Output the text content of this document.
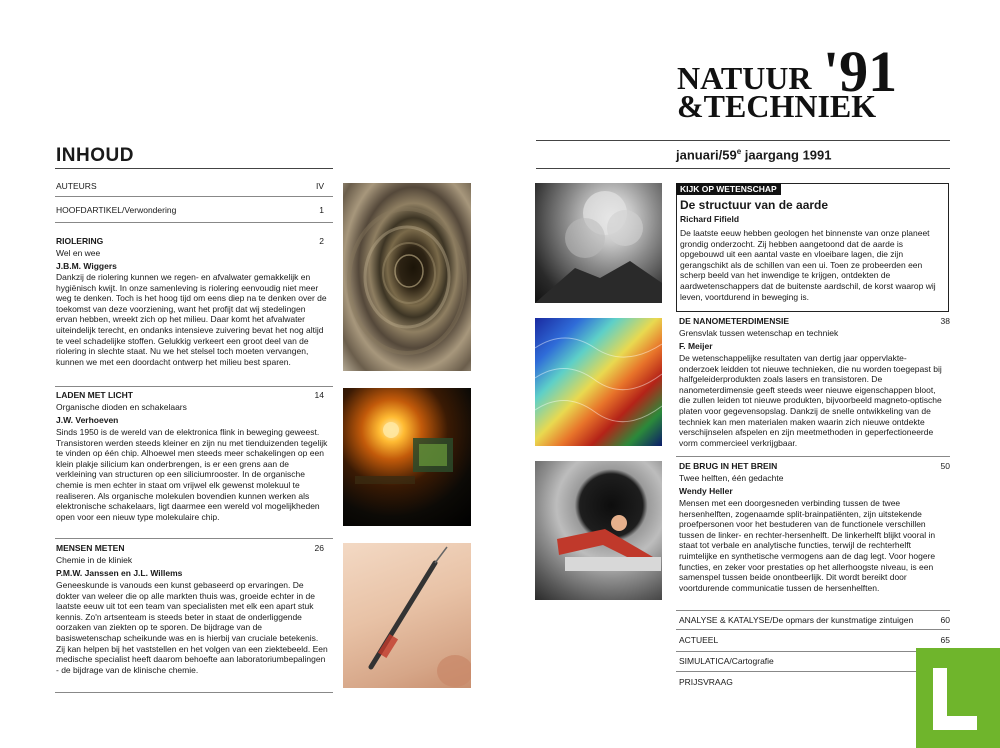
INHOUD
AUTEURS	IV
HOOFDARTIKEL/Verwondering	1
RIOLERING	2
Wel en wee
J.B.M. Wiggers
Dankzij de riolering kunnen we regen- en afvalwater gemakkelijk en hygiënisch kwijt. In onze samenleving is riolering eenvoudig niet meer weg te denken. Toch is het hoog tijd om eens diep na te denken over de toekomst van deze voorziening, want het profijt dat wij stedelingen ervan hebben, wreekt zich op het milieu. Daar komt het afvalwater uiteindelijk terecht, en ondanks intensieve zuivering bevat het nog altijd te veel schadelijke stoffen. Gelukkig verkeert een groot deel van de riolering in slechte staat. Nu we het stelsel toch moeten vervangen, kunnen we met een doordacht ontwerp het milieu best sparen.
LADEN MET LICHT	14
Organische dioden en schakelaars
J.W. Verhoeven
Sinds 1950 is de wereld van de elektronica flink in beweging geweest. Transistoren werden steeds kleiner en zijn nu met tienduizenden tegelijk te vinden op één chip. Alhoewel men steeds meer schakelingen op een klein plakje silicium kan onderbrengen, is er een grens aan de verkleining van structuren op een siliciumrooster. In de organische chemie is men echter in staat om vrijwel elk gewenst molekuul te realiseren. Als organische molekulen bovendien kunnen werken als elektronische schakelaars, ligt daarmee een wereld vol mogelijkheden open voor een nieuw type molekulaire chip.
MENSEN METEN	26
Chemie in de kliniek
P.M.W. Janssen en J.L. Willems
Geneeskunde is vanouds een kunst gebaseerd op ervaringen. De dokter van weleer die op alle markten thuis was, groeide echter in de laatste eeuw uit tot een team van specialisten met elk een apart stuk kennis. Zo'n artsenteam is steeds beter in staat de onderliggende oorzaken van ziekten op te sporen. De bijdrage van de basiswetenschap scheikunde was en is hierbij van cruciale betekenis. Zij kan helpen bij het vaststellen en het volgen van een ziektebeeld. Een medische specialist heeft daarom behoefte aan laboratoriumbepalingen - de bijdrage van de klinische chemie.
NATUUR '91
&TECHNIEK
januari/59e jaargang 1991
KIJK OP WETENSCHAP
De structuur van de aarde
Richard Fifield
De laatste eeuw hebben geologen het binnenste van onze planeet grondig onderzocht. Zij hebben aangetoond dat de aarde is opgebouwd uit een aantal vaste en vloeibare lagen, die zijn gerangschikt als de schillen van een ui. Toen ze probeerden een scherp beeld van het inwendige te krijgen, ontdekten de aardwetenschappers dat de buitenste aardschil, de korst waarop wij leven, voortdurend in beweging is.
DE NANOMETERDIMENSIE	38
Grensvlak tussen wetenschap en techniek
F. Meijer
De wetenschappelijke resultaten van dertig jaar oppervlakte-onderzoek leidden tot nieuwe technieken, die nu worden toegepast bij halfgeleiderprodukten zoals lasers en transistoren. De nanometerdimensie geeft steeds weer nieuwe eigenschappen bloot, die zullen leiden tot nieuwe produkten, bijvoorbeeld magneto-optische platen voor gegevensopslag. Dankzij de snelle ontwikkeling van de techniek kan men materialen maken waarin zich nieuwe ontdekte verschijnselen afspelen en zijn meetmethoden in geperfectioneerde vorm commercieel verkrijgbaar.
DE BRUG IN HET BREIN	50
Twee helften, één gedachte
Wendy Heller
Mensen met een doorgesneden verbinding tussen de twee hersenhelften, zogenaamde split-brainpatiënten, zijn uitstekende proefpersonen voor het bestuderen van de functionele verschillen tussen de linker- en rechter-hersenhelft. De linkerhelft blijkt vooral in staat tot verbale en analytische functies, terwijl de rechterhelft ruimtelijke en synthetische vermogens aan de dag legt. Voor hogere functies, en zeker voor prestaties op het allerhoogste niveau, is een samenspel tussen beide onontbeerlijk. Dit wordt bereikt door voortdurende communicatie tussen de hersenhelften.
ANALYSE & KATALYSE/De opmars der kunstmatige zintuigen	60
ACTUEEL	65
SIMULATICA/Cartografie
PRIJSVRAAG
